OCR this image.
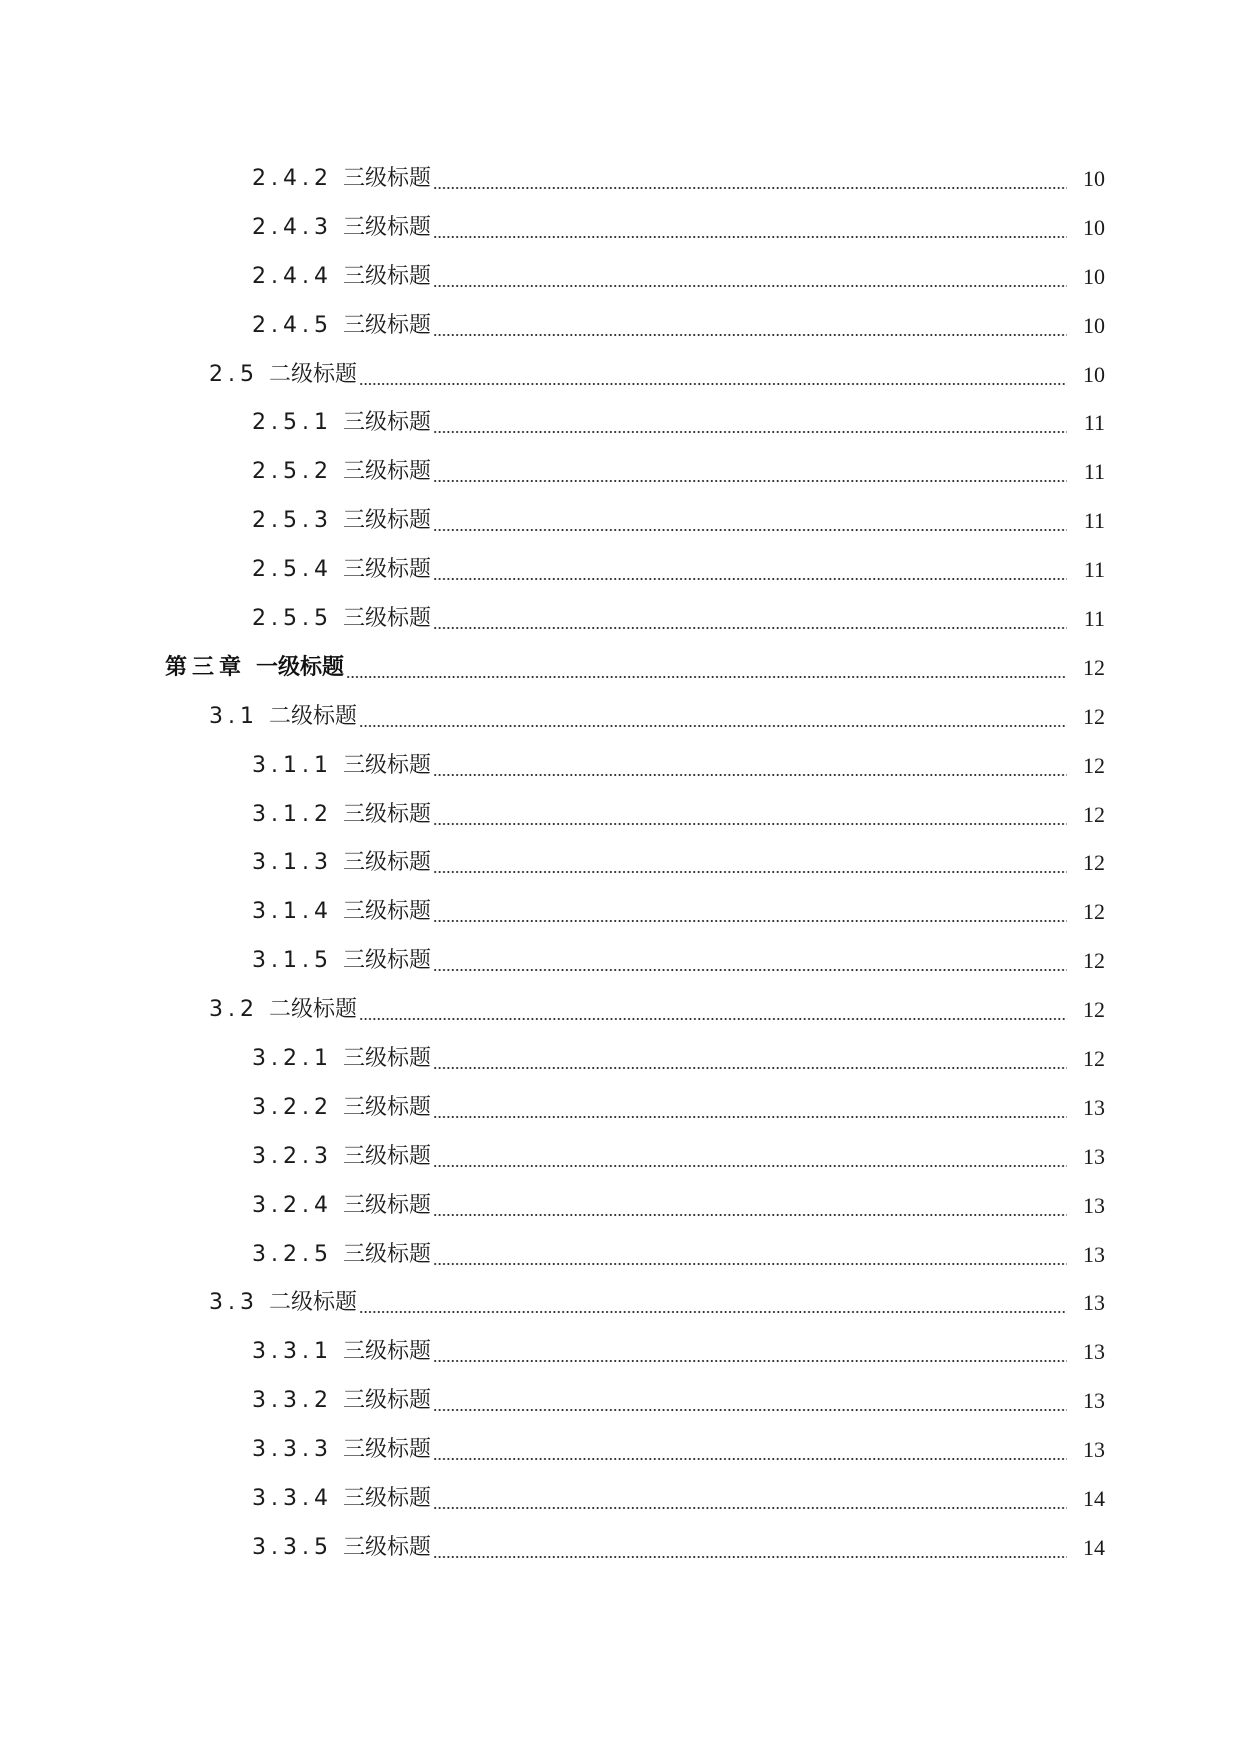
2.4.2 三级标题	10
2.4.3 三级标题	10
2.4.4 三级标题	10
2.4.5 三级标题	10
2.5 二级标题	10
2.5.1 三级标题	11
2.5.2 三级标题	11
2.5.3 三级标题	11
2.5.4 三级标题	11
2.5.5 三级标题	11
第三章 一级标题	12
3.1 二级标题	12
3.1.1 三级标题	12
3.1.2 三级标题	12
3.1.3 三级标题	12
3.1.4 三级标题	12
3.1.5 三级标题	12
3.2 二级标题	12
3.2.1 三级标题	12
3.2.2 三级标题	13
3.2.3 三级标题	13
3.2.4 三级标题	13
3.2.5 三级标题	13
3.3 二级标题	13
3.3.1 三级标题	13
3.3.2 三级标题	13
3.3.3 三级标题	13
3.3.4 三级标题	14
3.3.5 三级标题	14
